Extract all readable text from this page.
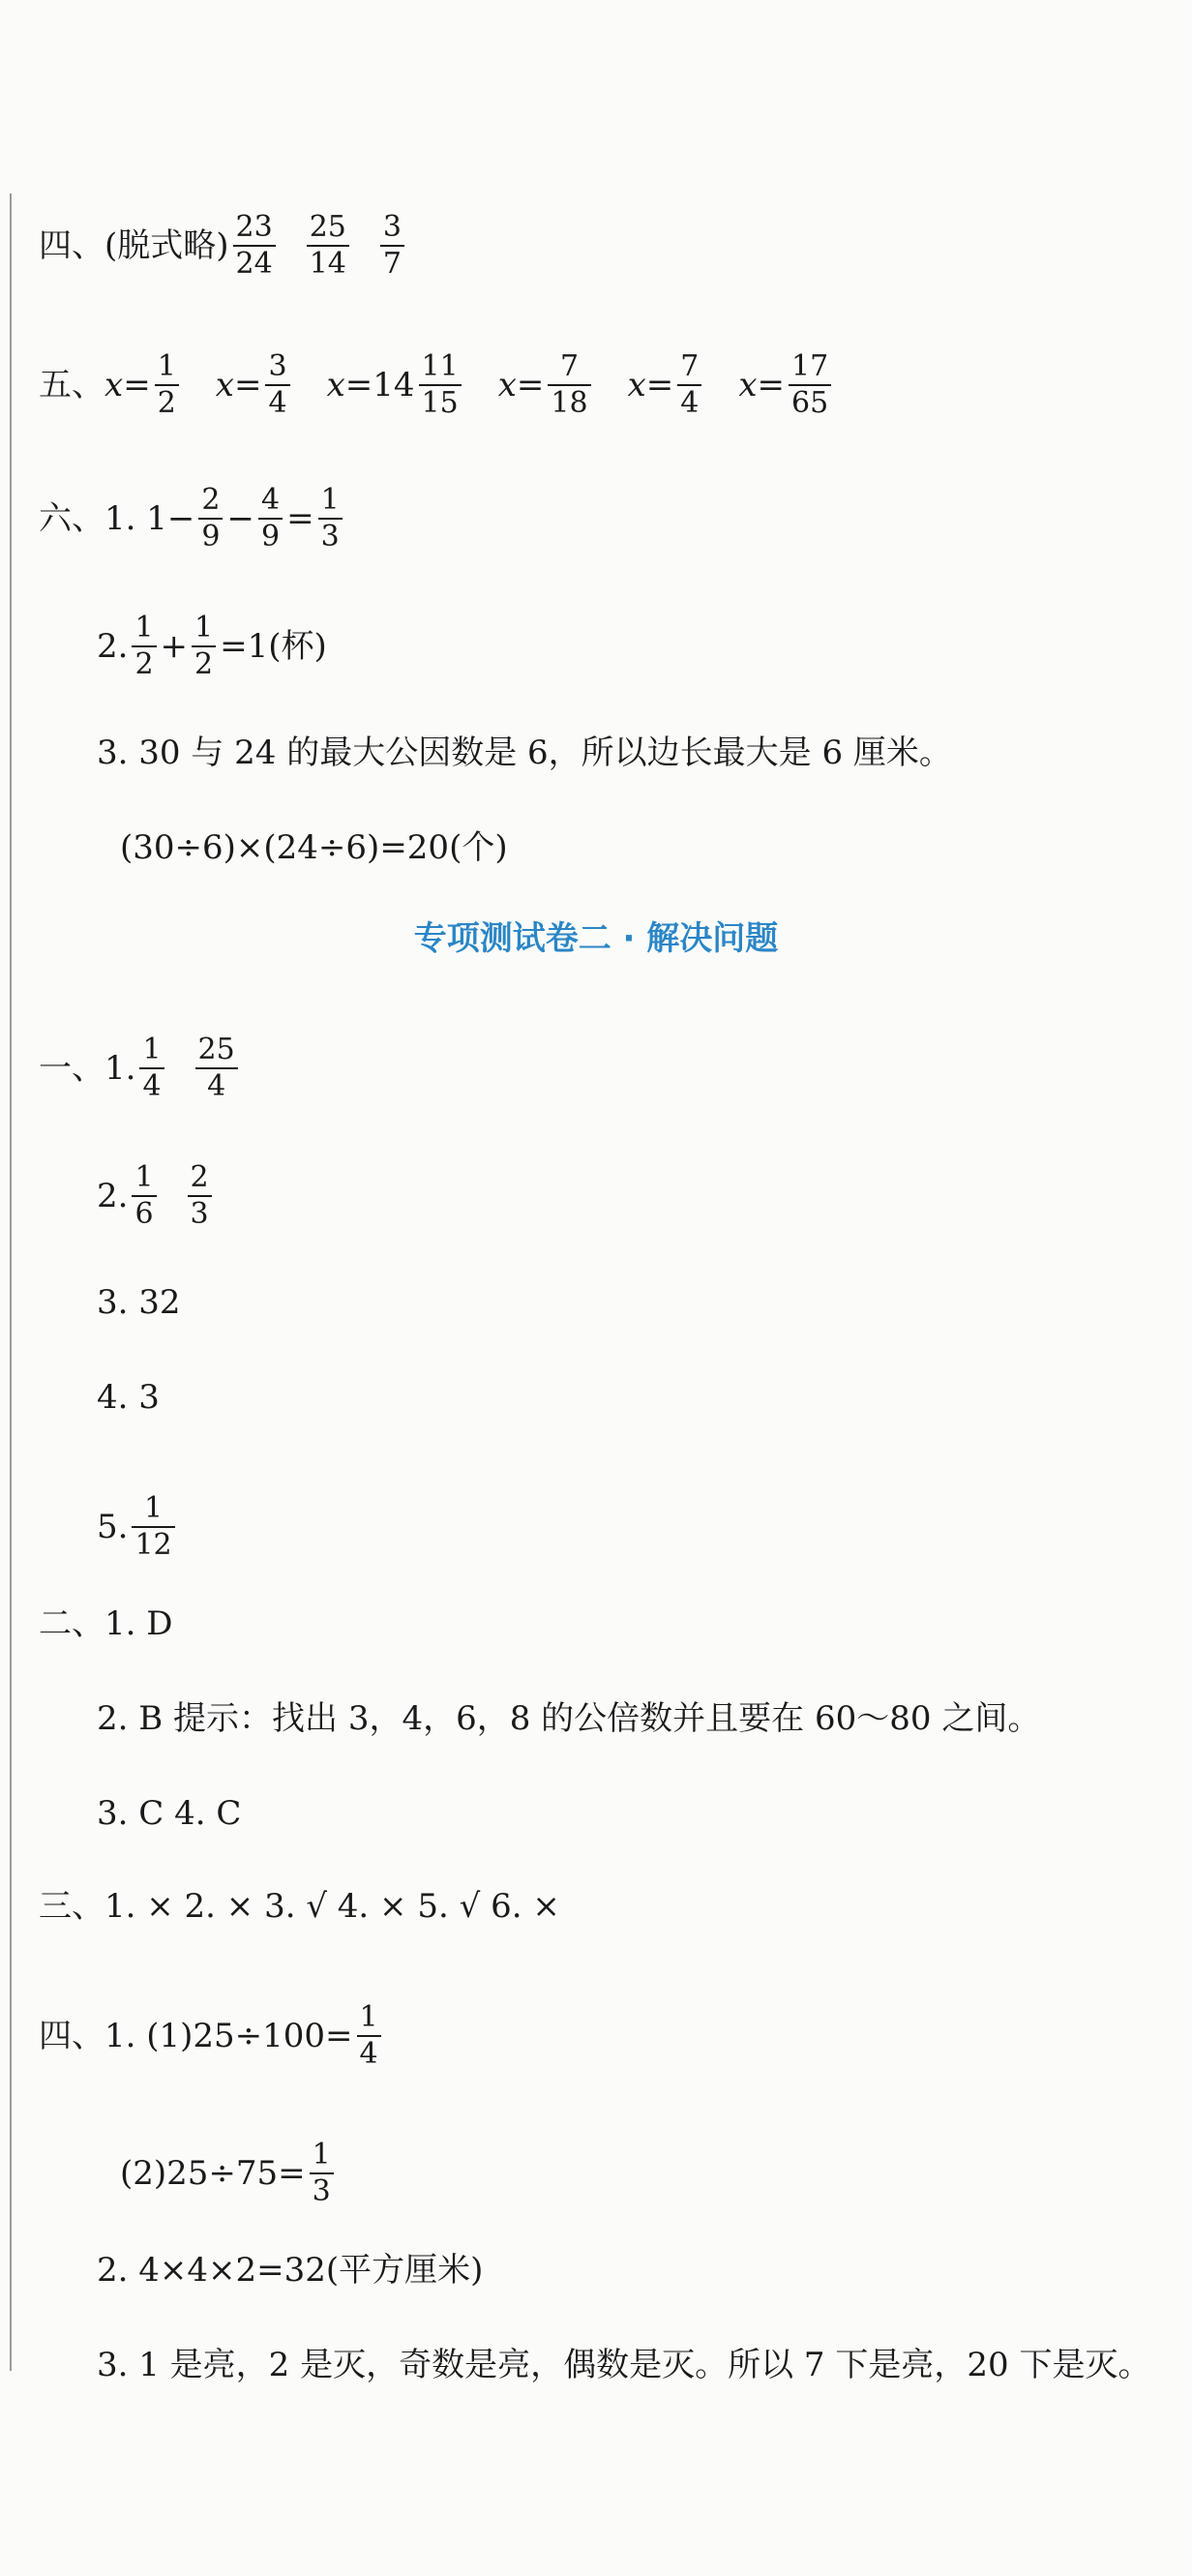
四、(脱式略) $\frac{23}{24} \frac{25}{14} \frac{3}{7}$
五、 $x = \frac{1}{2}$ $x = \frac{3}{4}$ $x = 14 \frac{11}{15}$ $x = \frac{7}{18}$ $x = \frac{7}{4}$ $x = \frac{17}{65}$
六、1. $1- \frac{2}{9} - \frac{4}{9} = \frac{1}{3}$
2. $\frac{1}{2} + \frac{1}{2} =1$(杯)
3. 30 与 24 的最大公因数是 6，所以边长最大是 6 厘米。
(30÷6)×(24÷6)=20(个)
专项测试卷二 · 解决问题
一、1. $\frac{1}{4} \frac{25}{4}$
2. $\frac{1}{6} \frac{2}{3}$
3. 32
4. 3
5. $\frac{1}{12}$
二、1. D
2. B 提示：找出 3，4，6，8 的公倍数并且要在 60～80 之间。
3. C 4. C
三、1. × 2. × 3. √ 4. × 5. √ 6. ×
四、1. $(1)25\div 100= \frac{1}{4}$
$(2)25\div 75= \frac{1}{3}$
2. 4×4×2=32(平方厘米)
3. 1 是亮，2 是灭，奇数是亮，偶数是灭。所以 7 下是亮，20 下是灭。
